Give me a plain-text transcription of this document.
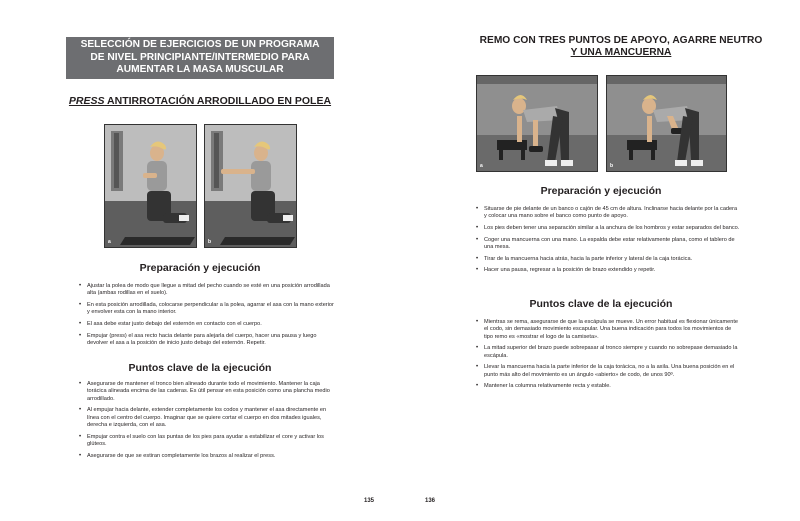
SELECCIÓN DE EJERCICIOS DE UN PROGRAMA
DE NIVEL PRINCIPIANTE/INTERMEDIO PARA
AUMENTAR LA MASA MUSCULAR
PRESS ANTIRROTACIÓN ARRODILLADO EN POLEA
a	b
Preparación y ejecución
• Ajustar la polea de modo que llegue a mitad del pecho cuando se esté en una posición arrodillada alta (ambas rodillas en el suelo).
• En esta posición arrodillada, colocarse perpendicular a la polea, agarrar el asa con la mano exterior y envolver esta con la mano interior.
• El asa debe estar justo debajo del esternón en contacto con el cuerpo.
• Empujar (press) el asa recto hacia delante para alejarla del cuerpo, hacer una pausa y luego devolver el asa a la posición de inicio justo debajo del esternón. Repetir.
Puntos clave de la ejecución
• Asegurarse de mantener el tronco bien alineado durante todo el movimiento. Mantener la caja torácica alineada encima de las caderas. Es útil pensar en esta posición como una plancha medio arrodillado.
• Al empujar hacia delante, extender completamente los codos y mantener el asa directamente en línea con el centro del cuerpo. Imaginar que se quiere cortar el cuerpo en dos mitades iguales, derecha e izquierda, con el asa.
• Empujar contra el suelo con las puntas de los pies para ayudar a estabilizar el core y activar los glúteos.
• Asegurarse de que se estiran completamente los brazos al realizar el press.
135
REMO CON TRES PUNTOS DE APOYO, AGARRE NEUTRO
Y UNA MANCUERNA
a	b
Preparación y ejecución
• Situarse de pie delante de un banco o cajón de 45 cm de altura. Inclinarse hacia delante por la cadera y colocar una mano sobre el banco como punto de apoyo.
• Los pies deben tener una separación similar a la anchura de los hombros y estar separados del banco.
• Coger una mancuerna con una mano. La espalda debe estar relativamente plana, como el tablero de una mesa.
• Tirar de la mancuerna hacia atrás, hacia la parte inferior y lateral de la caja torácica.
• Hacer una pausa, regresar a la posición de brazo extendido y repetir.
Puntos clave de la ejecución
• Mientras se rema, asegurarse de que la escápula se mueve. Un error habitual es flexionar únicamente el codo, sin demasiado movimiento escapular. Una buena indicación para todos los movimientos de tipo remo es «mostrar el logo de la camiseta».
• La mitad superior del brazo puede sobrepasar al tronco siempre y cuando no sobrepase demasiado la escápula.
• Llevar la mancuerna hacia la parte inferior de la caja torácica, no a la axila. Una buena posición en el punto más alto del movimiento es un ángulo «abierto» de codo, de unos 90º.
• Mantener la columna relativamente recta y estable.
136
